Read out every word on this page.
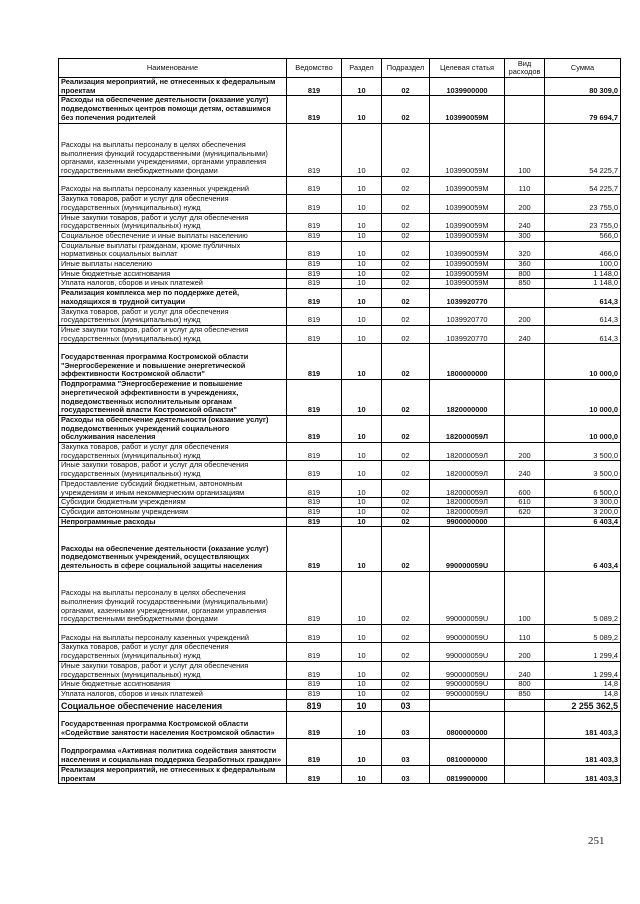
Наименование	Ведомство	Раздел	Подраздел	Целевая статья	Вид расходов	Сумма
Реализация мероприятий, не отнесенных к федеральным проектам	819	10	02	1039900000		80 309,0
Расходы на обеспечение деятельности (оказание услуг) подведомственных центров помощи детям, оставшимся без попечения родителей	819	10	02	103990059М		79 694,7
Расходы на выплаты персоналу в целях обеспечения выполнения функций государственными (муниципальными) органами, казенными учреждениями, органами управления государственными внебюджетными фондами	819	10	02	103990059М	100	54 225,7
Расходы на выплаты персоналу казенных учреждений	819	10	02	103990059М	110	54 225,7
Закупка товаров, работ и услуг для обеспечения государственных (муниципальных) нужд	819	10	02	103990059М	200	23 755,0
Иные закупки товаров, работ и услуг для обеспечения государственных (муниципальных) нужд	819	10	02	103990059М	240	23 755,0
Социальное обеспечение и иные выплаты населению	819	10	02	103990059М	300	566,0
Социальные выплаты гражданам, кроме публичных нормативных социальных выплат	819	10	02	103990059М	320	466,0
Иные выплаты населению	819	10	02	103990059М	360	100,0
Иные бюджетные ассигнования	819	10	02	103990059М	800	1 148,0
Уплата налогов, сборов и иных платежей	819	10	02	103990059М	850	1 148,0
Реализация комплекса мер по поддержке детей, находящихся в трудной ситуации	819	10	02	1039920770		614,3
Закупка товаров, работ и услуг для обеспечения государственных (муниципальных) нужд	819	10	02	1039920770	200	614,3
Иные закупки товаров, работ и услуг для обеспечения государственных (муниципальных) нужд	819	10	02	1039920770	240	614,3
Государственная программа Костромской области "Энергосбережение и повышение энергетической эффективности Костромской области"	819	10	02	1800000000		10 000,0
Подпрограмма "Энергосбережение и повышение энергетической эффективности в учреждениях, подведомственных исполнительным органам государственной власти Костромской области"	819	10	02	1820000000		10 000,0
Расходы на обеспечение деятельности (оказание услуг) подведомственных учреждений социального обслуживания населения	819	10	02	182000059Л		10 000,0
Закупка товаров, работ и услуг для обеспечения государственных (муниципальных) нужд	819	10	02	182000059Л	200	3 500,0
Иные закупки товаров, работ и услуг для обеспечения государственных (муниципальных) нужд	819	10	02	182000059Л	240	3 500,0
Предоставление субсидий бюджетным, автономным учреждениям и иным некоммерческим организациям	819	10	02	182000059Л	600	6 500,0
Субсидии бюджетным учреждениям	819	10	02	182000059Л	610	3 300,0
Субсидии автономным учреждениям	819	10	02	182000059Л	620	3 200,0
Непрограммные расходы	819	10	02	9900000000		6 403,4
Расходы на обеспечение деятельности (оказание услуг) подведомственных учреждений, осуществляющих деятельность в сфере социальной защиты населения	819	10	02	990000059U		6 403,4
Расходы на выплаты персоналу в целях обеспечения выполнения функций государственными (муниципальными) органами, казенными учреждениями, органами управления государственными внебюджетными фондами	819	10	02	990000059U	100	5 089,2
Расходы на выплаты персоналу казенных учреждений	819	10	02	990000059U	110	5 089,2
Закупка товаров, работ и услуг для обеспечения государственных (муниципальных) нужд	819	10	02	990000059U	200	1 299,4
Иные закупки товаров, работ и услуг для обеспечения государственных (муниципальных) нужд	819	10	02	990000059U	240	1 299,4
Иные бюджетные ассигнования	819	10	02	990000059U	800	14,8
Уплата налогов, сборов и иных платежей	819	10	02	990000059U	850	14,8
Социальное обеспечение населения	819	10	03			2 255 362,5
Государственная программа Костромской области «Содействие занятости населения Костромской области»	819	10	03	0800000000		181 403,3
Подпрограмма «Активная политика содействия занятости населения и социальная поддержка безработных граждан»	819	10	03	0810000000		181 403,3
Реализация мероприятий, не отнесенных к федеральным проектам	819	10	03	0819900000		181 403,3
251
